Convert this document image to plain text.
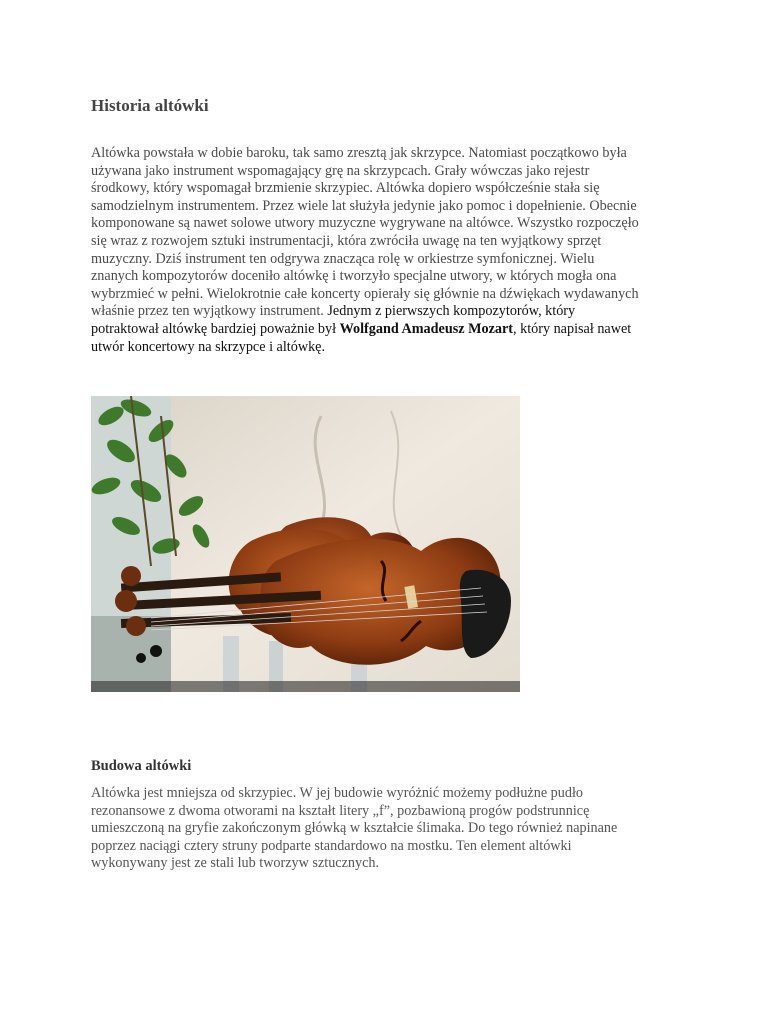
Historia altówki

Altówka powstała w dobie baroku, tak samo zresztą jak skrzypce. Natomiast początkowo była
używana jako instrument wspomagający grę na skrzypcach. Grały wówczas jako rejestr
środkowy, który wspomagał brzmienie skrzypiec. Altówka dopiero współcześnie stała się
samodzielnym instrumentem. Przez wiele lat służyła jedynie jako pomoc i dopełnienie. Obecnie
komponowane są nawet solowe utwory muzyczne wygrywane na altówce. Wszystko rozpoczęło
się wraz z rozwojem sztuki instrumentacji, która zwróciła uwagę na ten wyjątkowy sprzęt
muzyczny. Dziś instrument ten odgrywa znacząca rolę w orkiestrze symfonicznej. Wielu
znanych kompozytorów doceniło altówkę i tworzyło specjalne utwory, w których mogła ona
wybrzmieć w pełni. Wielokrotnie całe koncerty opierały się głównie na dźwiękach wydawanych
właśnie przez ten wyjątkowy instrument. Jednym z pierwszych kompozytorów, który
potraktował altówkę bardziej poważnie był Wolfgand Amadeusz Mozart, który napisał nawet
utwór koncertowy na skrzypce i altówkę.

Budowa altówki

Altówka jest mniejsza od skrzypiec. W jej budowie wyróżnić możemy podłużne pudło
rezonansowe z dwoma otworami na kształt litery „f”, pozbawioną progów podstrunnicę
umieszczoną na gryfie zakończonym główką w kształcie ślimaka. Do tego również napinane
poprzez naciągi cztery struny podparte standardowo na mostku. Ten element altówki
wykonywany jest ze stali lub tworzyw sztucznych.
